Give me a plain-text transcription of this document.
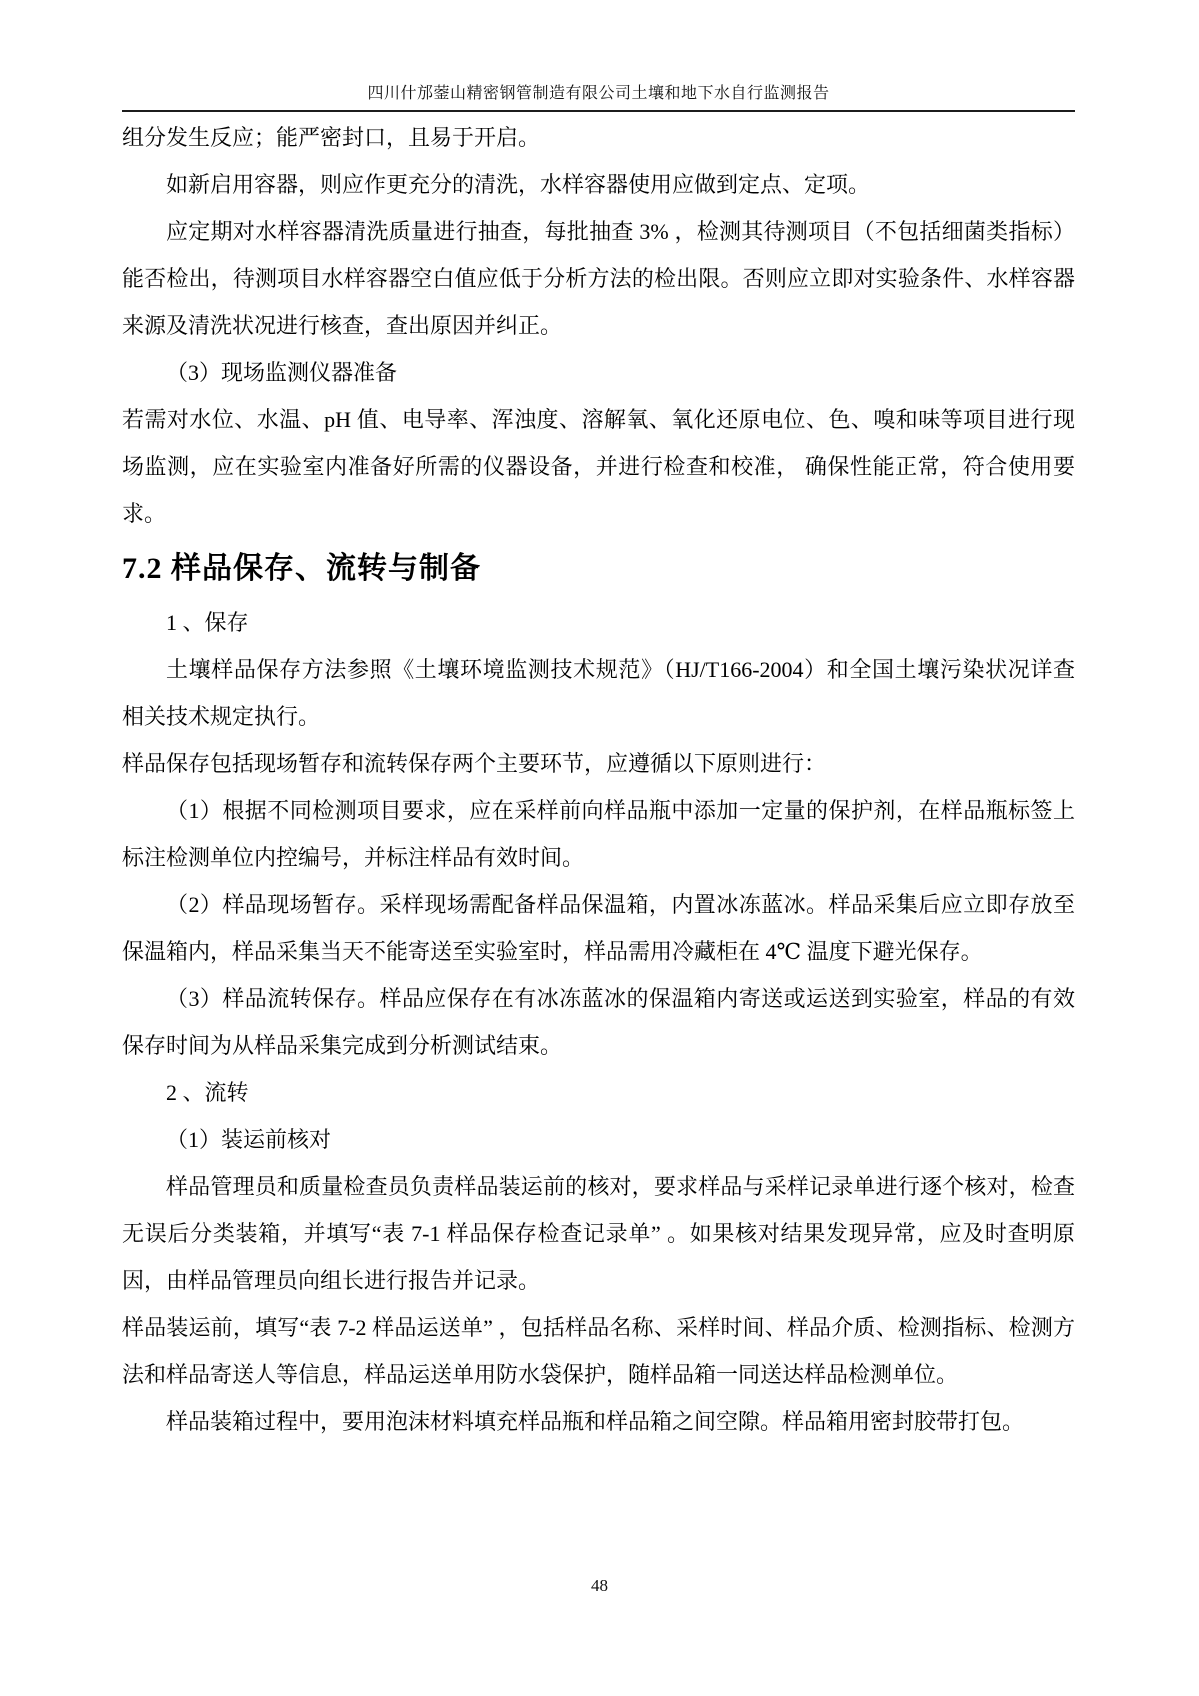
四川什邡蓥山精密钢管制造有限公司土壤和地下水自行监测报告
组分发生反应；能严密封口，且易于开启。
如新启用容器，则应作更充分的清洗，水样容器使用应做到定点、定项。
应定期对水样容器清洗质量进行抽查，每批抽查 3% ，检测其待测项目（不包括细菌类指标）能否检出，待测项目水样容器空白值应低于分析方法的检出限。否则应立即对实验条件、水样容器来源及清洗状况进行核查，查出原因并纠正。
（3）现场监测仪器准备
若需对水位、水温、pH 值、电导率、浑浊度、溶解氧、氧化还原电位、色、嗅和味等项目进行现场监测，应在实验室内准备好所需的仪器设备，并进行检查和校准， 确保性能正常，符合使用要求。
7.2 样品保存、流转与制备
1 、保存
土壤样品保存方法参照《土壤环境监测技术规范》（HJ/T166-2004）和全国土壤污染状况详查相关技术规定执行。
样品保存包括现场暂存和流转保存两个主要环节，应遵循以下原则进行：
（1）根据不同检测项目要求，应在采样前向样品瓶中添加一定量的保护剂，在样品瓶标签上标注检测单位内控编号，并标注样品有效时间。
（2）样品现场暂存。采样现场需配备样品保温箱，内置冰冻蓝冰。样品采集后应立即存放至保温箱内，样品采集当天不能寄送至实验室时，样品需用冷藏柜在 4℃ 温度下避光保存。
（3）样品流转保存。样品应保存在有冰冻蓝冰的保温箱内寄送或运送到实验室，样品的有效保存时间为从样品采集完成到分析测试结束。
2 、流转
（1）装运前核对
样品管理员和质量检查员负责样品装运前的核对，要求样品与采样记录单进行逐个核对，检查无误后分类装箱，并填写“表 7-1 样品保存检查记录单” 。如果核对结果发现异常，应及时查明原因，由样品管理员向组长进行报告并记录。
样品装运前，填写“表 7-2 样品运送单” ，包括样品名称、采样时间、样品介质、检测指标、检测方法和样品寄送人等信息，样品运送单用防水袋保护，随样品箱一同送达样品检测单位。
样品装箱过程中，要用泡沫材料填充样品瓶和样品箱之间空隙。样品箱用密封胶带打包。
48
